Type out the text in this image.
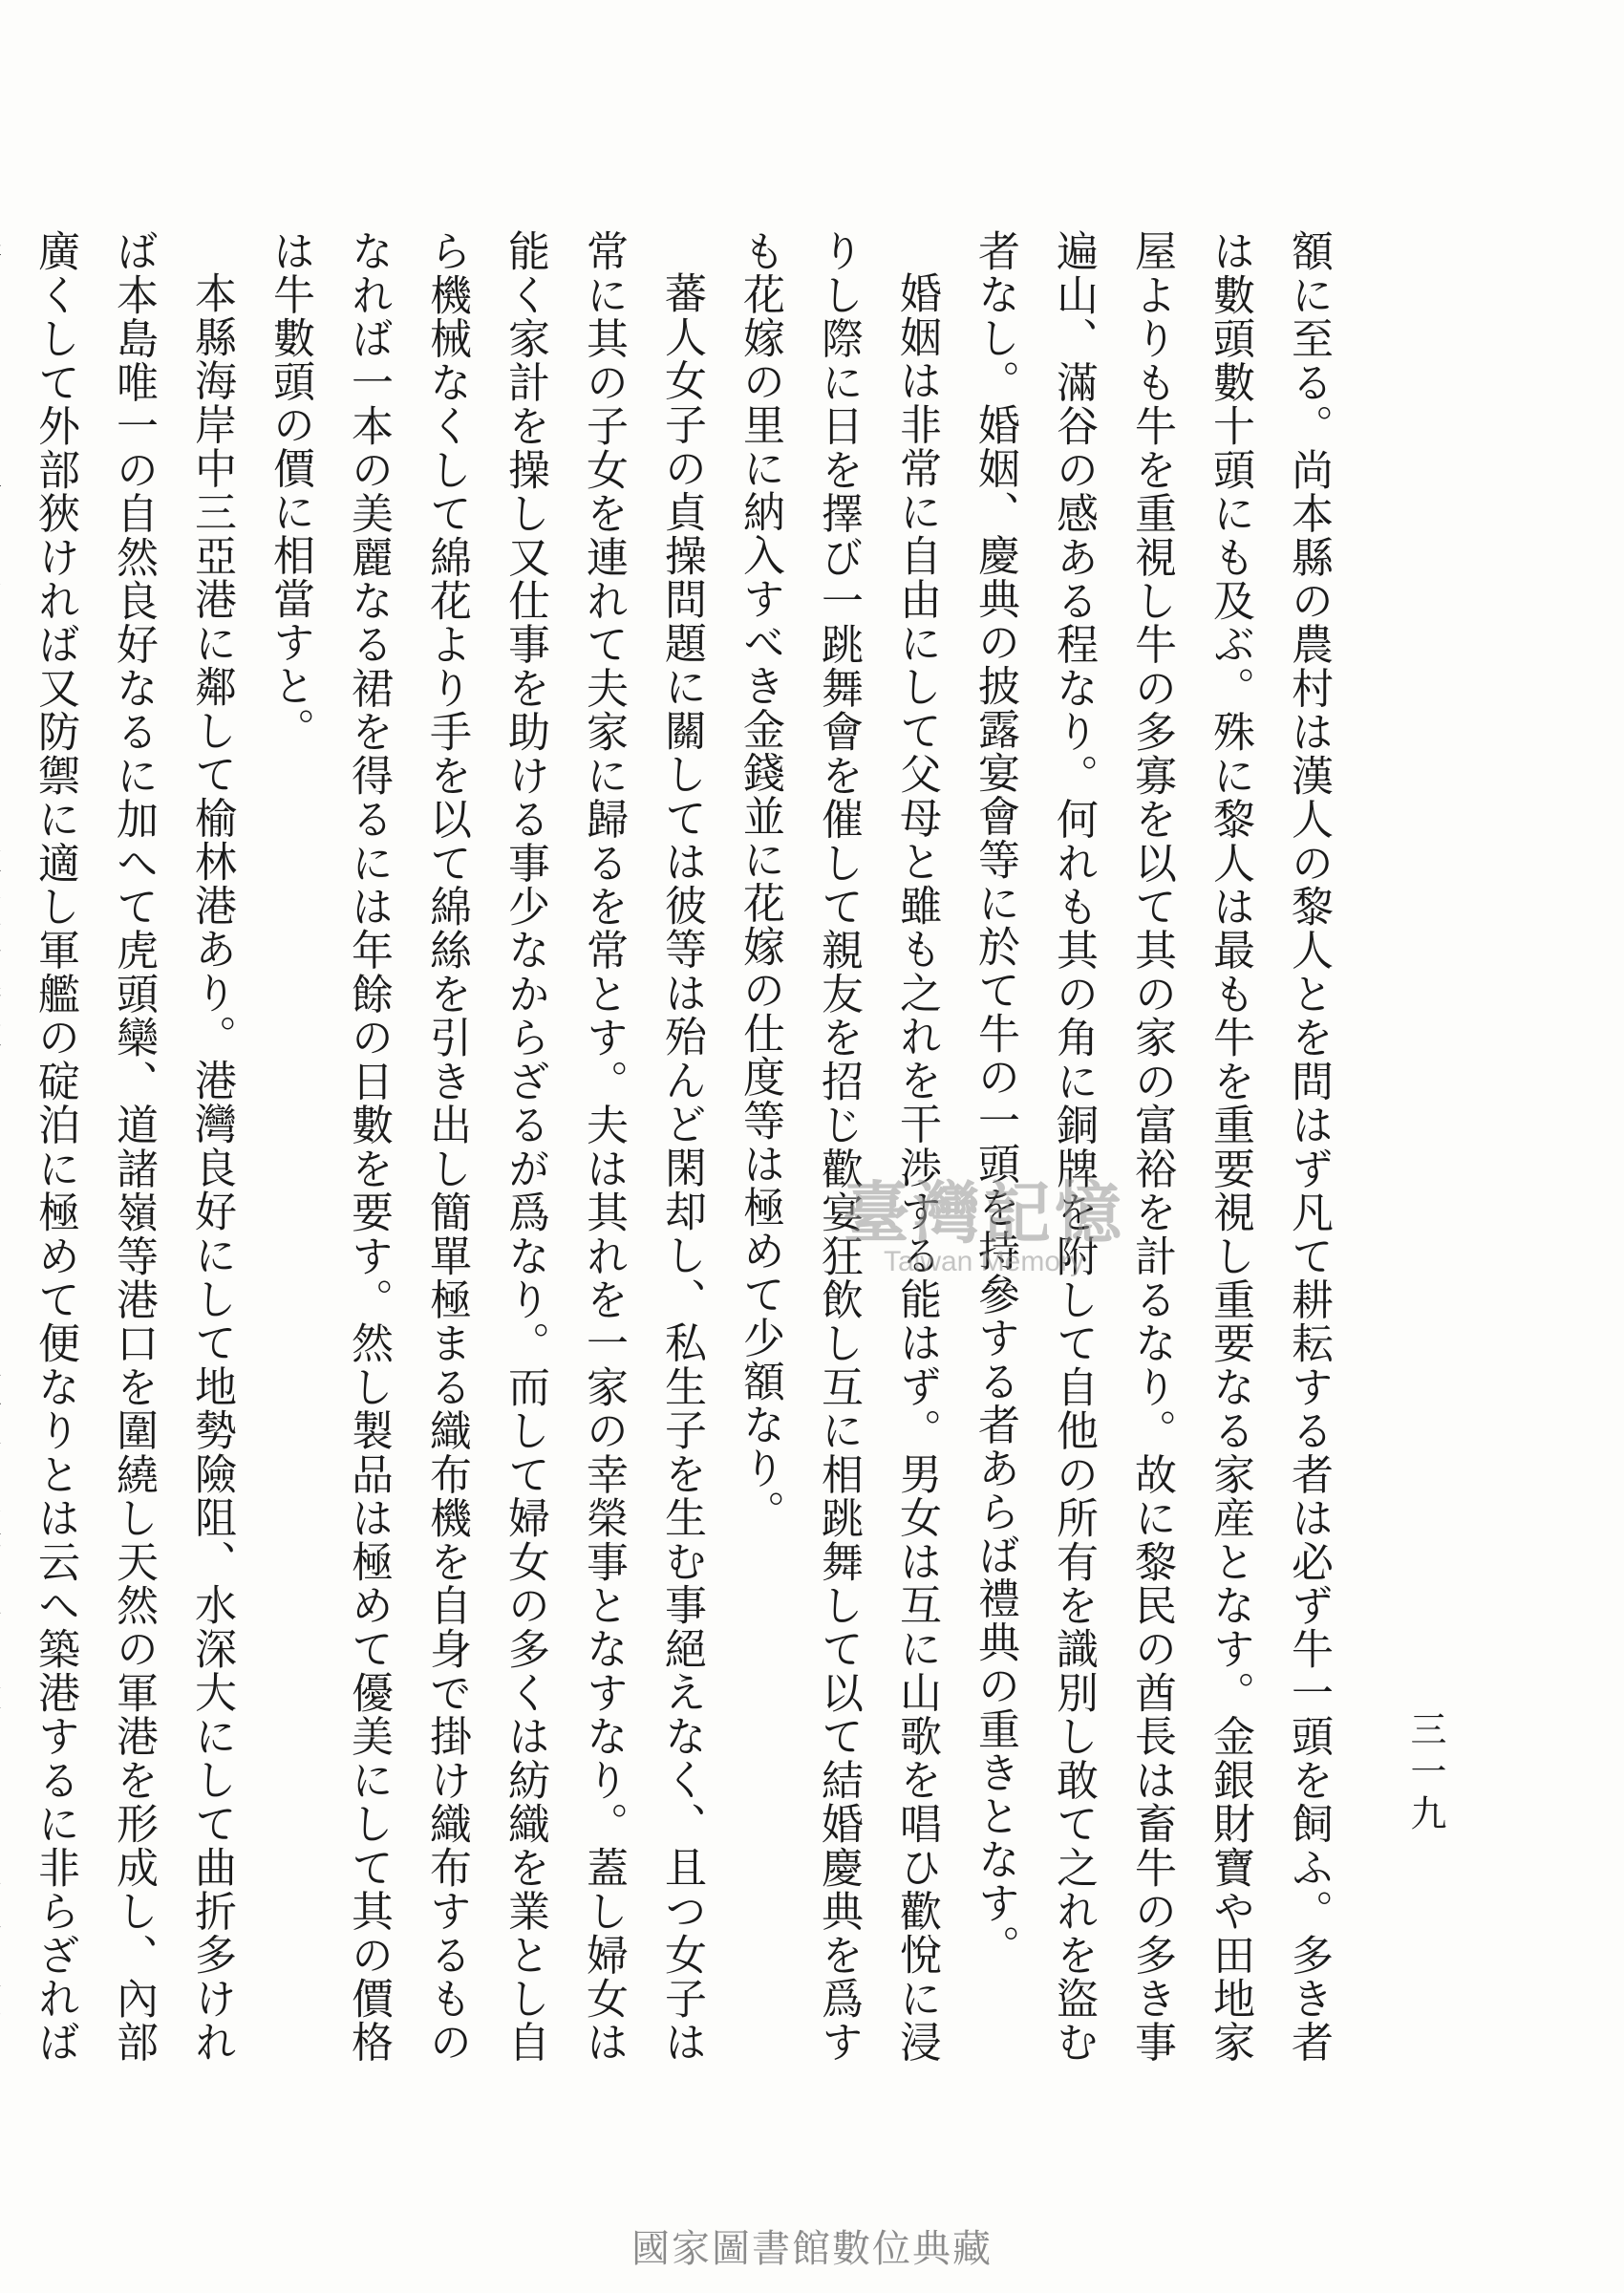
額に至る。尚本縣の農村は漢人の黎人とを問はず凡て耕耘する者は必ず牛一頭を飼ふ。多き者は數頭數十頭にも及ぶ。殊に黎人は最も牛を重要視し重要なる家産となす。金銀財寶や田地家屋よりも牛を重視し牛の多寡を以て其の家の富裕を計るなり。故に黎民の酋長は畜牛の多き事遍山、滿谷の感ある程なり。何れも其の角に銅牌を附して自他の所有を識別し敢て之れを盜む者なし。婚姻、慶典の披露宴會等に於て牛の一頭を持參する者あらば禮典の重きとなす。

婚姻は非常に自由にして父母と雖も之れを干渉する能はず。男女は互に山歌を唱ひ歡悅に浸りし際に日を擇び一跳舞會を催して親友を招じ歡宴狂飲し互に相跳舞して以て結婚慶典を爲すも花嫁の里に納入すべき金錢並に花嫁の仕度等は極めて少額なり。

蕃人女子の貞操問題に關しては彼等は殆んど閑却し、私生子を生む事絕えなく、且つ女子は常に其の子女を連れて夫家に歸るを常とす。夫は其れを一家の幸榮事となすなり。蓋し婦女は能く家計を操し又仕事を助ける事少なからざるが爲なり。而して婦女の多くは紡織を業とし自ら機械なくして綿花より手を以て綿絲を引き出し簡單極まる織布機を自身で掛け織布するものなれば一本の美麗なる裙を得るには年餘の日數を要す。然し製品は極めて優美にして其の價格は牛數頭の價に相當すと。

本縣海岸中三亞港に鄰して榆林港あり。港灣良好にして地勢險阻、水深大にして曲折多ければ本島唯一の自然良好なるに加へて虎頭欒、道諸嶺等港口を圍繞し天然の軍港を形成し、內部廣くして外部狹ければ又防禦に適し軍艦の碇泊に極めて便なりとは云へ築港するに非らざれば

三一九
臺灣記憶
Taiwan Memory
國家圖書館數位典藏
